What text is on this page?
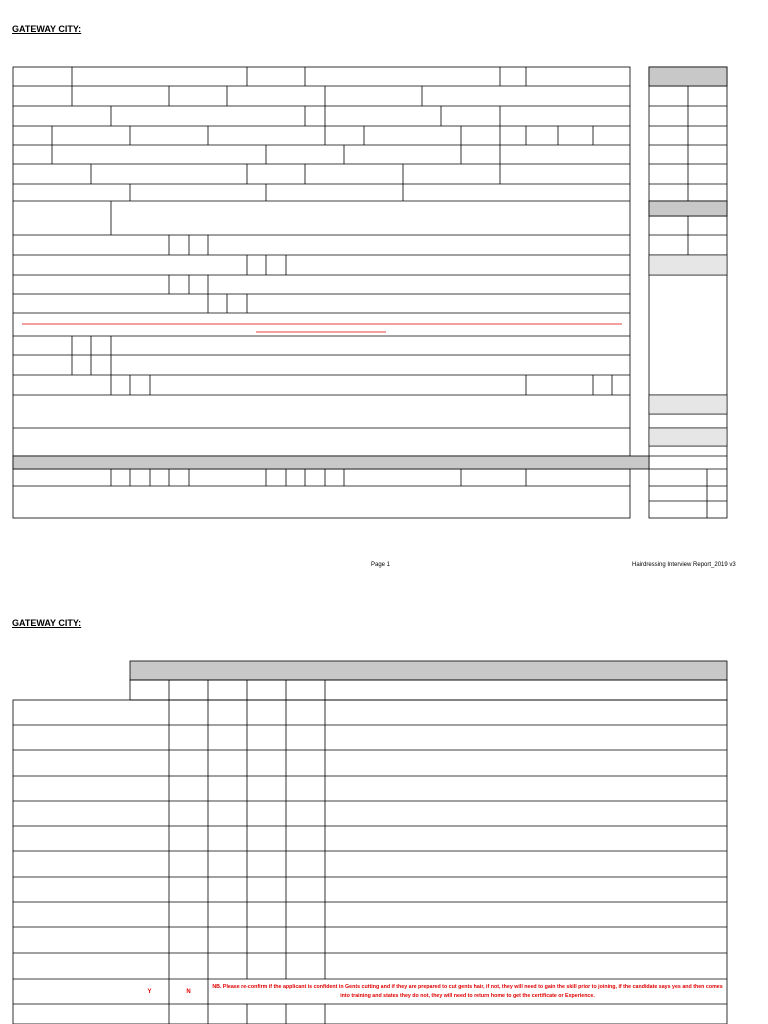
GATEWAY CITY:
Page 1	Hairdressing Interview Report_2019 v3
GATEWAY CITY:
Y	N
NB. Please re-confirm if the applicant is confident in Gents cutting and if they are prepared to cut gents hair, if not, they will need to gain the skill prior to joining, if the candidate says yes and then comes into training and states they do not, they will need to return home to get the certificate or Experience.
